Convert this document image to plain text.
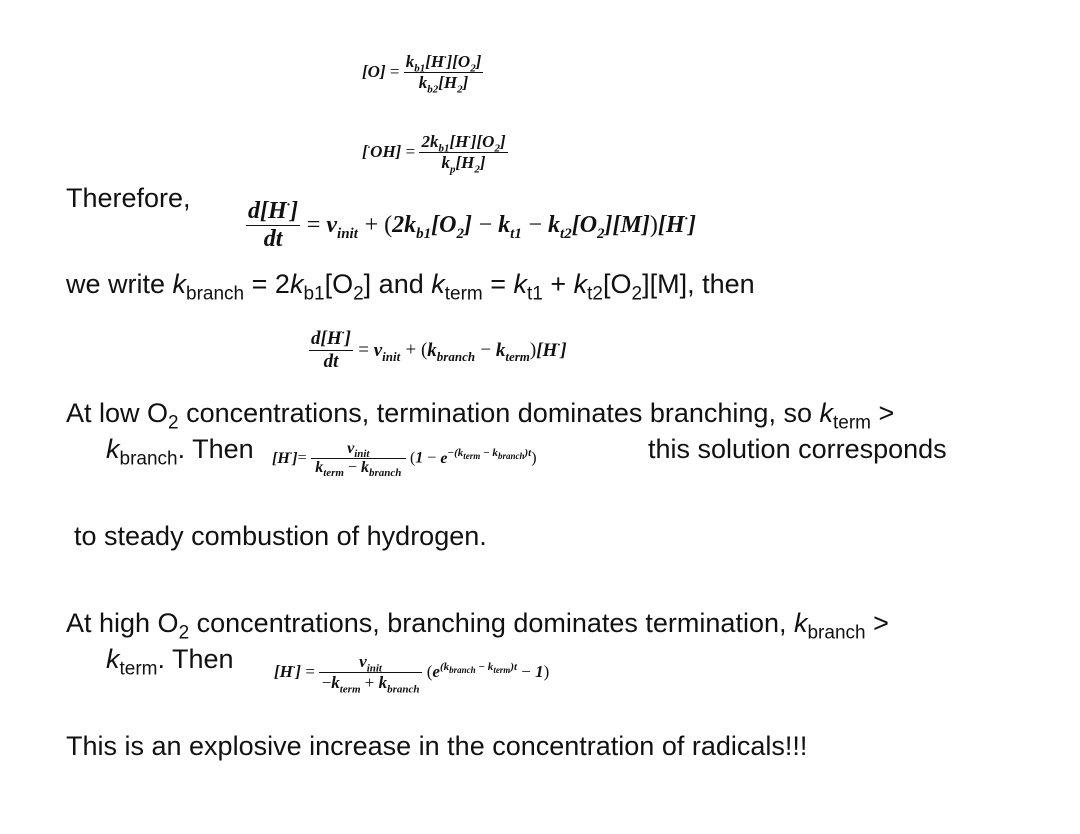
$[O] = \frac{k_{b1}[H^\cdot][O_2]}{k_{b2}[H_2]}$
$[^\cdot OH] = \frac{2k_{b1}[H^\cdot][O_2]}{k_p[H_2]}$
Therefore, $\frac{d[H^\cdot]}{dt} = v_{init} + (2k_{b1}[O_2] - k_{t1} - k_{t2}[O_2][M])[H^\cdot]$
we write $k_{branch} = 2k_{b1}[O_2]$ and $k_{term} = k_{t1} + k_{t2}[O_2][M]$, then
$\frac{d[H^\cdot]}{dt} = v_{init} + (k_{branch} - k_{term})[H^\cdot]$
At low $O_2$ concentrations, termination dominates branching, so $k_{term}$ >
$k_{branch}$. Then $[H^\cdot]= \frac{v_{init}}{k_{term} - k_{branch}} (1 - e^{-(k_{term} - k_{branch})t})$	this solution corresponds
to steady combustion of hydrogen.
At high $O_2$ concentrations, branching dominates termination, $k_{branch}$ >
$k_{term}$. Then $[H^\cdot] = \frac{v_{init}}{-k_{term} + k_{branch}} (e^{(k_{branch} - k_{term})t} - 1)$
This is an explosive increase in the concentration of radicals!!!
